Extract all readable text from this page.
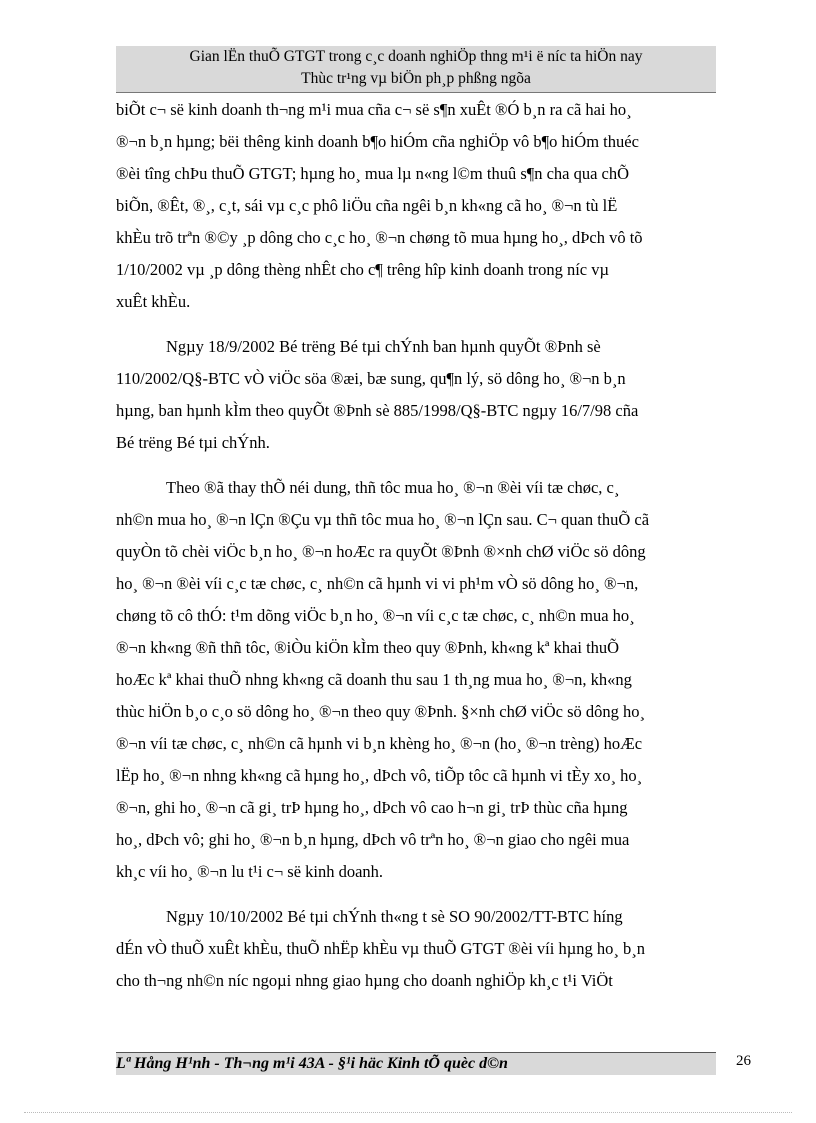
Gian lËn thuÕ GTGT trong c¸c doanh nghiÖp thng m¹i ë níc ta hiÖn nay
Thùc tr¹ng vµ biÖn ph¸p phßng ngõa
biÕt c¬ së kinh doanh th¬ng m¹i mua cña c¬ së s¶n xuÊt ®Ó b¸n ra cã hai ho¸
®¬n b¸n hµng; bëi thêng kinh doanh b¶o hiÓm cña nghiÖp vô b¶o hiÓm thuéc
®èi tîng chÞu thuÕ GTGT; hµng ho¸ mua lµ n«ng l©m thuû s¶n cha qua chÕ
biÕn, ®Êt, ®¸, c¸t, sái vµ c¸c phô liÖu cña ngêi b¸n kh«ng cã ho¸ ®¬n tù lË
khÈu trõ trªn ®©y ¸p dông cho c¸c ho¸ ®¬n chøng tõ mua hµng ho¸, dÞch vô tõ
1/10/2002 vµ ¸p dông thèng nhÊt cho c¶ trêng hîp kinh doanh trong níc vµ
xuÊt khÈu.
Ngµy 18/9/2002 Bé trëng Bé tµi chÝnh ban hµnh quyÕt ®Þnh sè
110/2002/Q§-BTC vÒ viÖc söa ®æi, bæ sung, qu¶n lý, sö dông ho¸ ®¬n b¸n
hµng, ban hµnh kÌm theo quyÕt ®Þnh sè 885/1998/Q§-BTC ngµy 16/7/98 cña
Bé trëng Bé tµi chÝnh.
Theo ®ã thay thÕ néi dung, thñ tôc mua ho¸ ®¬n ®èi víi tæ chøc, c¸
nh©n mua ho¸ ®¬n lÇn ®Çu vµ thñ tôc mua ho¸ ®¬n lÇn sau. C¬ quan thuÕ cã
quyÒn tõ chèi viÖc b¸n ho¸ ®¬n hoÆc ra quyÕt ®Þnh ®×nh chØ viÖc sö dông
ho¸ ®¬n ®èi víi c¸c tæ chøc, c¸ nh©n cã hµnh vi vi ph¹m vÒ sö dông ho¸ ®¬n,
chøng tõ cô thÓ: t¹m dõng viÖc b¸n ho¸ ®¬n víi c¸c tæ chøc, c¸ nh©n mua ho¸
®¬n kh«ng ®ñ thñ tôc, ®iÒu kiÖn kÌm theo quy ®Þnh, kh«ng kª khai thuÕ
hoÆc kª khai thuÕ nhng kh«ng cã doanh thu sau 1 th¸ng mua ho¸ ®¬n, kh«ng
thùc hiÖn b¸o c¸o sö dông ho¸ ®¬n theo quy ®Þnh. §×nh chØ viÖc sö dông ho¸
®¬n víi tæ chøc, c¸ nh©n cã hµnh vi b¸n khèng ho¸ ®¬n (ho¸ ®¬n trèng) hoÆc
lËp ho¸ ®¬n nhng kh«ng cã hµng ho¸, dÞch vô, tiÕp tôc cã hµnh vi tÈy xo¸ ho¸
®¬n, ghi ho¸ ®¬n cã gi¸ trÞ hµng ho¸, dÞch vô cao h¬n gi¸ trÞ thùc cña hµng
ho¸, dÞch vô; ghi ho¸ ®¬n b¸n hµng, dÞch vô trªn ho¸ ®¬n giao cho ngêi mua
kh¸c víi ho¸ ®¬n lu t¹i c¬ së kinh doanh.
Ngµy 10/10/2002 Bé tµi chÝnh th«ng t sè SO 90/2002/TT-BTC híng
dÉn vÒ thuÕ xuÊt khÈu, thuÕ nhËp khÈu vµ thuÕ GTGT ®èi víi hµng ho¸ b¸n
cho th¬ng nh©n níc ngoµi nhng giao hµng cho doanh nghiÖp kh¸c t¹i ViÖt
Lª Hång H¹nh - Th¬ng m¹i 43A - §¹i häc Kinh tÕ quèc d©n	26
